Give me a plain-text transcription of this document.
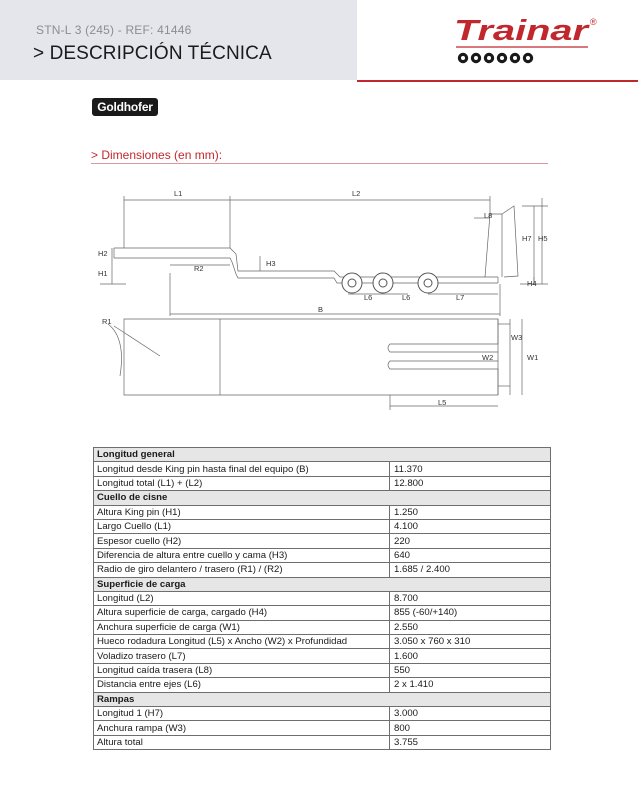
STN-L 3 (245) - REF: 41446
> DESCRIPCIÓN TÉCNICA
Trainar ®
Goldhofer
> Dimensiones (en mm):
L1	L2
L8
H7 H5
H2
H1
R2
H3
H4
L6	L6	L7
B
R1
W3
W2	W1
L5
Longitud general	
Longitud desde King pin hasta final del equipo (B)	11.370
Longitud total (L1) + (L2)	12.800
Cuello de cisne	
Altura King pin (H1)	1.250
Largo Cuello (L1)	4.100
Espesor cuello (H2)	220
Diferencia de altura entre cuello y cama (H3)	640
Radio de giro delantero / trasero (R1) / (R2)	1.685 / 2.400
Superficie de carga	
Longitud (L2)	8.700
Altura superficie de carga, cargado (H4)	855 (-60/+140)
Anchura superficie de carga (W1)	2.550
Hueco rodadura Longitud (L5) x Ancho (W2) x Profundidad	3.050 x 760 x 310
Voladizo trasero (L7)	1.600
Longitud caída trasera (L8)	550
Distancia entre ejes (L6)	2 x 1.410
Rampas	
Longitud 1 (H7)	3.000
Anchura rampa (W3)	800
Altura total	3.755
